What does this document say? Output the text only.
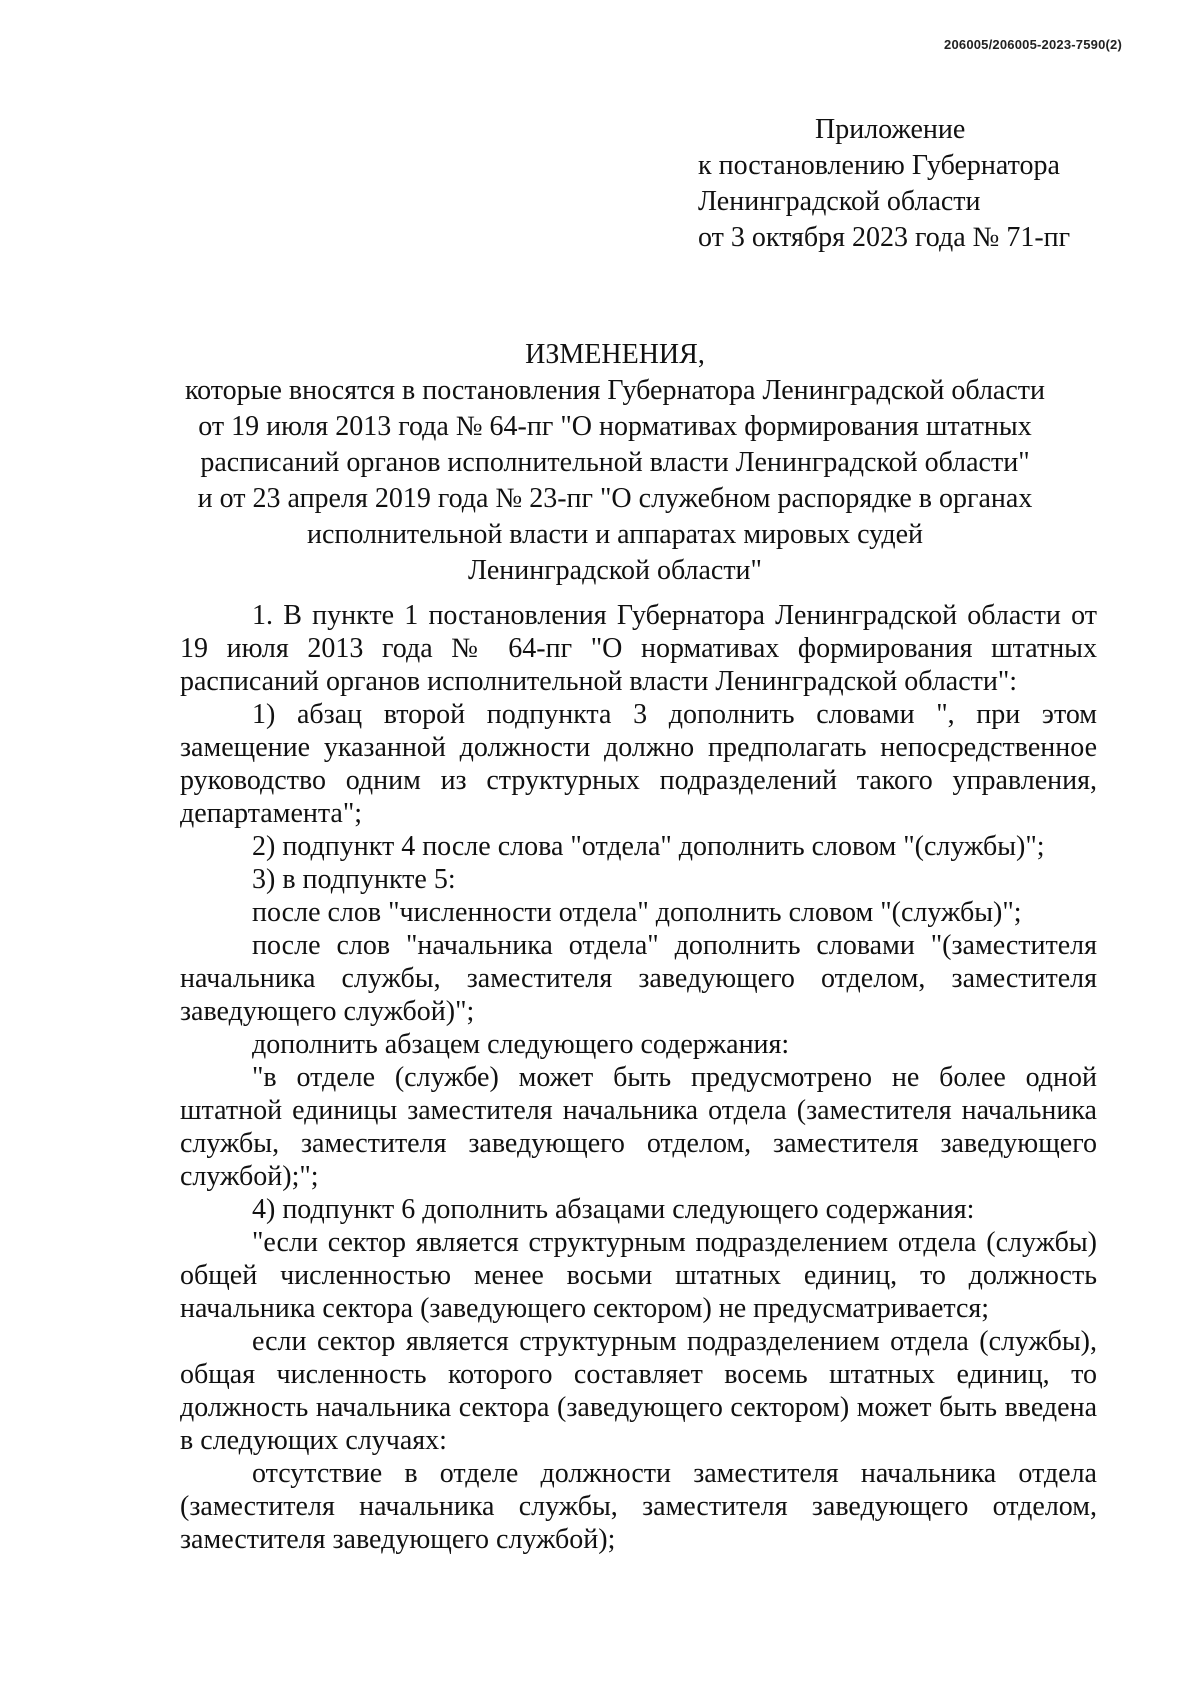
206005/206005-2023-7590(2)
Приложение
к постановлению Губернатора
Ленинградской области
от 3 октября 2023 года № 71-пг
ИЗМЕНЕНИЯ,
которые вносятся в постановления Губернатора Ленинградской области
от 19 июля 2013 года № 64-пг "О нормативах формирования штатных
расписаний органов исполнительной власти Ленинградской области"
и от 23 апреля 2019 года № 23-пг "О служебном распорядке в органах
исполнительной власти и аппаратах мировых судей
Ленинградской области"

1. В пункте 1 постановления Губернатора Ленинградской области от 19 июля 2013 года № 64-пг "О нормативах формирования штатных расписаний органов исполнительной власти Ленинградской области":

1) абзац второй подпункта 3 дополнить словами ", при этом замещение указанной должности должно предполагать непосредственное руководство одним из структурных подразделений такого управления, департамента";

2) подпункт 4 после слова "отдела" дополнить словом "(службы)";

3) в подпункте 5:

после слов "численности отдела" дополнить словом "(службы)";

после слов "начальника отдела" дополнить словами "(заместителя начальника службы, заместителя заведующего отделом, заместителя заведующего службой)";

дополнить абзацем следующего содержания:

"в отделе (службе) может быть предусмотрено не более одной штатной единицы заместителя начальника отдела (заместителя начальника службы, заместителя заведующего отделом, заместителя заведующего службой);";

4) подпункт 6 дополнить абзацами следующего содержания:

"если сектор является структурным подразделением отдела (службы) общей численностью менее восьми штатных единиц, то должность начальника сектора (заведующего сектором) не предусматривается;

если сектор является структурным подразделением отдела (службы), общая численность которого составляет восемь штатных единиц, то должность начальника сектора (заведующего сектором) может быть введена в следующих случаях:

отсутствие в отделе должности заместителя начальника отдела (заместителя начальника службы, заместителя заведующего отделом, заместителя заведующего службой);
